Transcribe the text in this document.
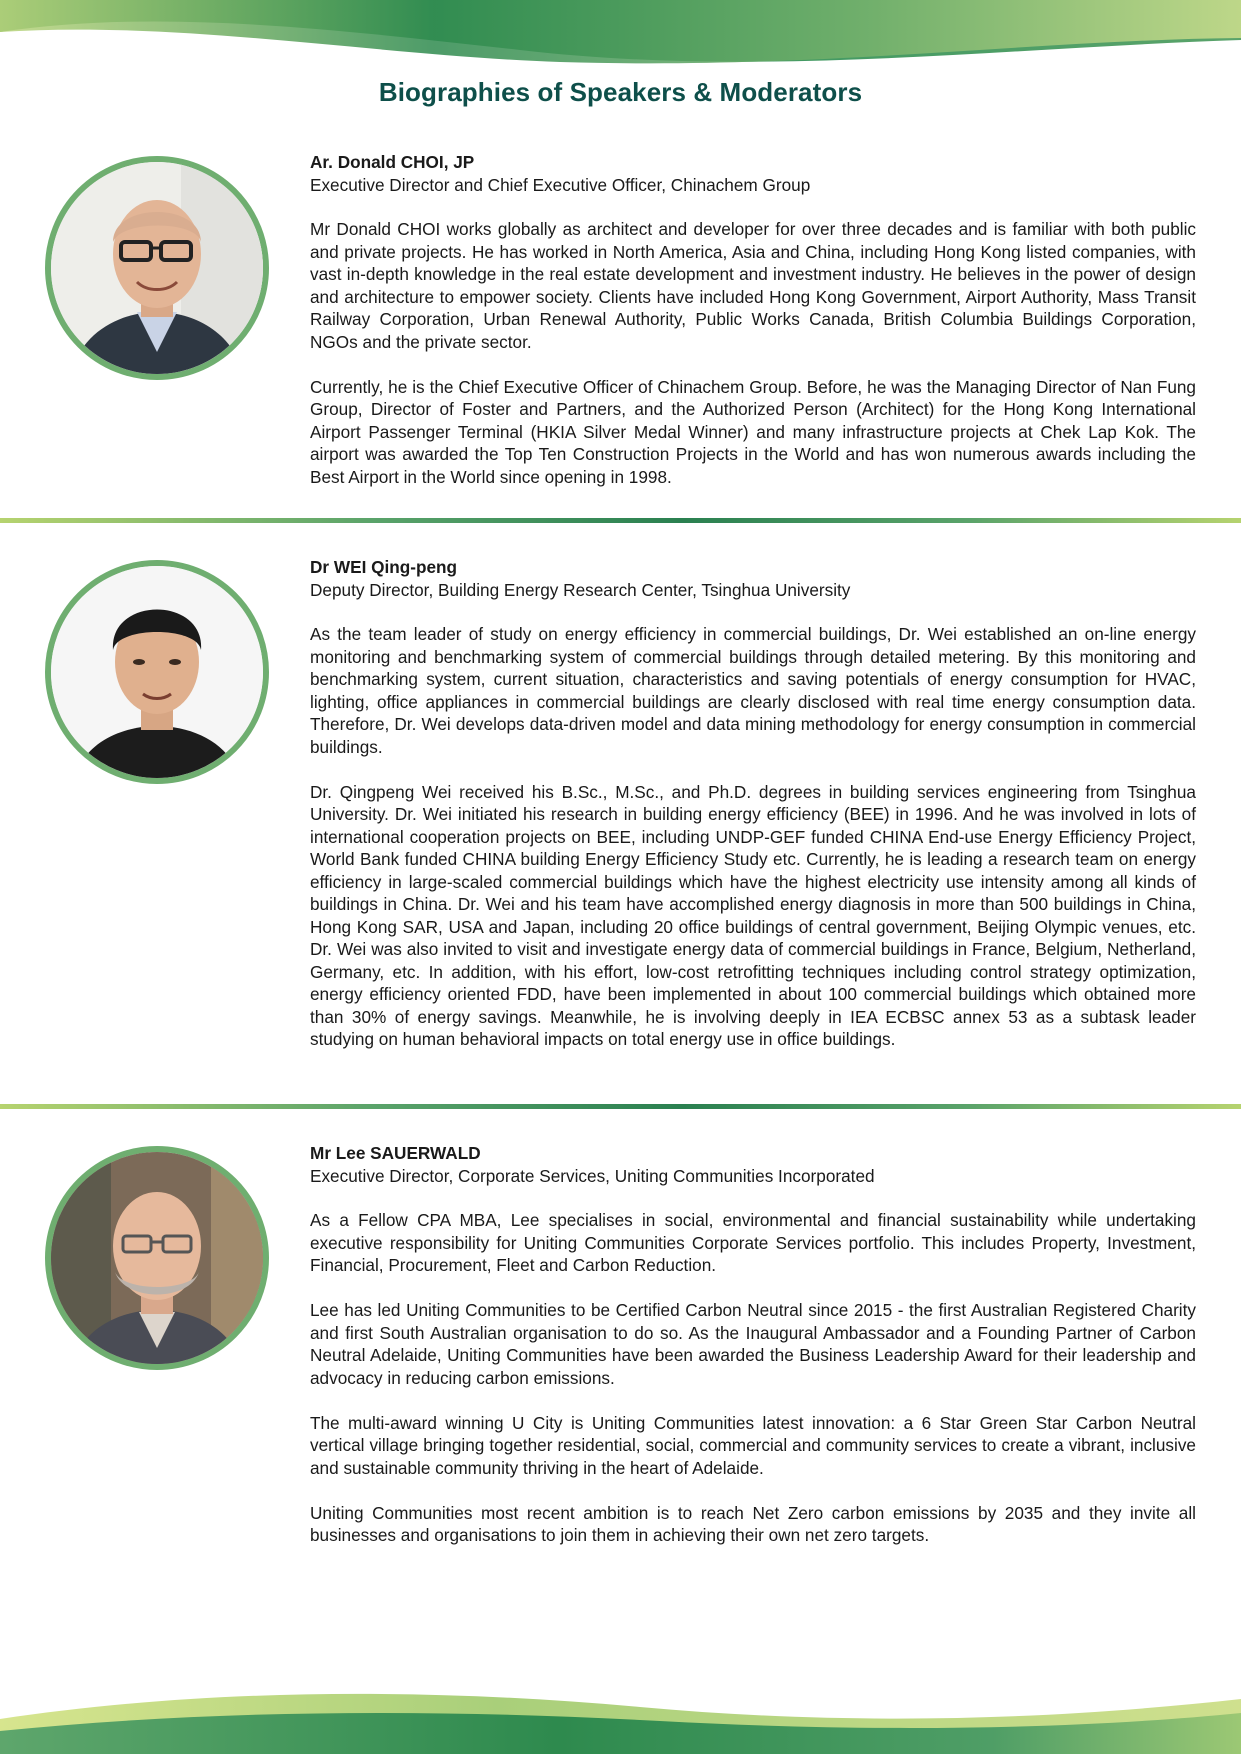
Biographies of Speakers & Moderators

Ar. Donald CHOI, JP

Executive Director and Chief Executive Officer, Chinachem Group

Mr Donald CHOI works globally as architect and developer for over three decades and is familiar with both public and private projects. He has worked in North America, Asia and China, including Hong Kong listed companies, with vast in-depth knowledge in the real estate development and investment industry. He believes in the power of design and architecture to empower society. Clients have included Hong Kong Government, Airport Authority, Mass Transit Railway Corporation, Urban Renewal Authority, Public Works Canada, British Columbia Buildings Corporation, NGOs and the private sector.

Currently, he is the Chief Executive Officer of Chinachem Group. Before, he was the Managing Director of Nan Fung Group, Director of Foster and Partners, and the Authorized Person (Architect) for the Hong Kong International Airport Passenger Terminal (HKIA Silver Medal Winner) and many infrastructure projects at Chek Lap Kok. The airport was awarded the Top Ten Construction Projects in the World and has won numerous awards including the Best Airport in the World since opening in 1998.

Dr WEI Qing-peng

Deputy Director, Building Energy Research Center, Tsinghua University

As the team leader of study on energy efficiency in commercial buildings, Dr. Wei established an on-line energy monitoring and benchmarking system of commercial buildings through detailed metering. By this monitoring and benchmarking system, current situation, characteristics and saving potentials of energy consumption for HVAC, lighting, office appliances in commercial buildings are clearly disclosed with real time energy consumption data. Therefore, Dr. Wei develops data-driven model and data mining methodology for energy consumption in commercial buildings.

Dr. Qingpeng Wei received his B.Sc., M.Sc., and Ph.D. degrees in building services engineering from Tsinghua University. Dr. Wei initiated his research in building energy efficiency (BEE) in 1996. And he was involved in lots of international cooperation projects on BEE, including UNDP-GEF funded CHINA End-use Energy Efficiency Project, World Bank funded CHINA building Energy Efficiency Study etc. Currently, he is leading a research team on energy efficiency in large-scaled commercial buildings which have the highest electricity use intensity among all kinds of buildings in China. Dr. Wei and his team have accomplished energy diagnosis in more than 500 buildings in China, Hong Kong SAR, USA and Japan, including 20 office buildings of central government, Beijing Olympic venues, etc. Dr. Wei was also invited to visit and investigate energy data of commercial buildings in France, Belgium, Netherland, Germany, etc. In addition, with his effort, low-cost retrofitting techniques including control strategy optimization, energy efficiency oriented FDD, have been implemented in about 100 commercial buildings which obtained more than 30% of energy savings. Meanwhile, he is involving deeply in IEA ECBSC annex 53 as a subtask leader studying on human behavioral impacts on total energy use in office buildings.

Mr Lee SAUERWALD

Executive Director, Corporate Services, Uniting Communities Incorporated

As a Fellow CPA MBA, Lee specialises in social, environmental and financial sustainability while undertaking executive responsibility for Uniting Communities Corporate Services portfolio. This includes Property, Investment, Financial, Procurement, Fleet and Carbon Reduction.

Lee has led Uniting Communities to be Certified Carbon Neutral since 2015 - the first Australian Registered Charity and first South Australian organisation to do so. As the Inaugural Ambassador and a Founding Partner of Carbon Neutral Adelaide, Uniting Communities have been awarded the Business Leadership Award for their leadership and advocacy in reducing carbon emissions.

The multi-award winning U City is Uniting Communities latest innovation: a 6 Star Green Star Carbon Neutral vertical village bringing together residential, social, commercial and community services to create a vibrant, inclusive and sustainable community thriving in the heart of Adelaide.

Uniting Communities most recent ambition is to reach Net Zero carbon emissions by 2035 and they invite all businesses and organisations to join them in achieving their own net zero targets.
